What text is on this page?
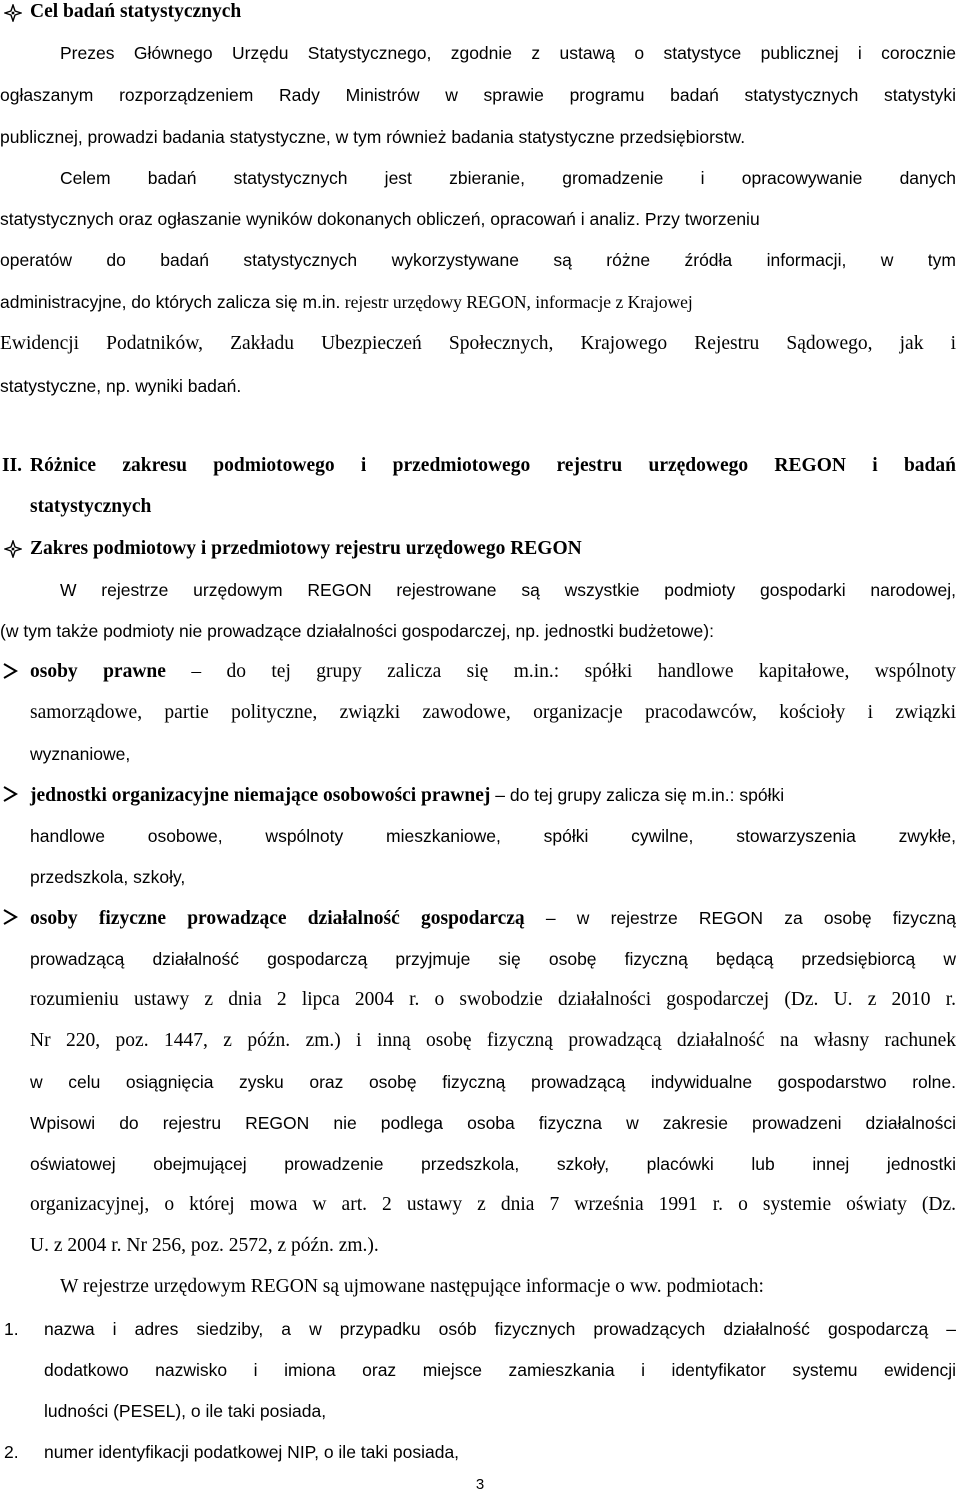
Cel badań statystycznych
Prezes Głównego Urzędu Statystycznego, zgodnie z ustawą o statystyce publicznej i corocznie
ogłaszanym rozporządzeniem Rady Ministrów w sprawie programu badań statystycznych statystyki
publicznej, prowadzi badania statystyczne, w tym również badania statystyczne przedsiębiorstw.
Celem badań statystycznych jest zbieranie, gromadzenie i opracowywanie danych
statystycznych oraz ogłaszanie wyników dokonanych obliczeń, opracowań i analiz. Przy tworzeniu
operatów do badań statystycznych wykorzystywane są różne źródła informacji, w tym
administracyjne, do których zalicza się m.in. rejestr urzędowy REGON, informacje z Krajowej
Ewidencji Podatników, Zakładu Ubezpieczeń Społecznych, Krajowego Rejestru Sądowego, jak i
statystyczne, np. wyniki badań.
II. Różnice zakresu podmiotowego i przedmiotowego rejestru urzędowego REGON i badań
statystycznych
Zakres podmiotowy i przedmiotowy rejestru urzędowego REGON
W rejestrze urzędowym REGON rejestrowane są wszystkie podmioty gospodarki narodowej,
(w tym także podmioty nie prowadzące działalności gospodarczej, np. jednostki budżetowe):
osoby prawne – do tej grupy zalicza się m.in.: spółki handlowe kapitałowe, wspólnoty
samorządowe, partie polityczne, związki zawodowe, organizacje pracodawców, kościoły i związki
wyznaniowe,
jednostki organizacyjne niemające osobowości prawnej – do tej grupy zalicza się m.in.: spółki
handlowe osobowe, wspólnoty mieszkaniowe, spółki cywilne, stowarzyszenia zwykłe,
przedszkola, szkoły,
osoby fizyczne prowadzące działalność gospodarczą – w rejestrze REGON za osobę fizyczną
prowadzącą działalność gospodarczą przyjmuje się osobę fizyczną będącą przedsiębiorcą w
rozumieniu ustawy z dnia 2 lipca 2004 r. o swobodzie działalności gospodarczej (Dz. U. z 2010 r.
Nr 220, poz. 1447, z późn. zm.) i inną osobę fizyczną prowadzącą działalność na własny rachunek
w celu osiągnięcia zysku oraz osobę fizyczną prowadzącą indywidualne gospodarstwo rolne.
Wpisowi do rejestru REGON nie podlega osoba fizyczna w zakresie prowadzeni działalności
oświatowej obejmującej prowadzenie przedszkola, szkoły, placówki lub innej jednostki
organizacyjnej, o której mowa w art. 2 ustawy z dnia 7 września 1991 r. o systemie oświaty (Dz.
U. z 2004 r. Nr 256, poz. 2572, z późn. zm.).
W rejestrze urzędowym REGON są ujmowane następujące informacje o ww. podmiotach:
1. nazwa i adres siedziby, a w przypadku osób fizycznych prowadzących działalność gospodarczą –
dodatkowo nazwisko i imiona oraz miejsce zamieszkania i identyfikator systemu ewidencji
ludności (PESEL), o ile taki posiada,
2. numer identyfikacji podatkowej NIP, o ile taki posiada,
3
